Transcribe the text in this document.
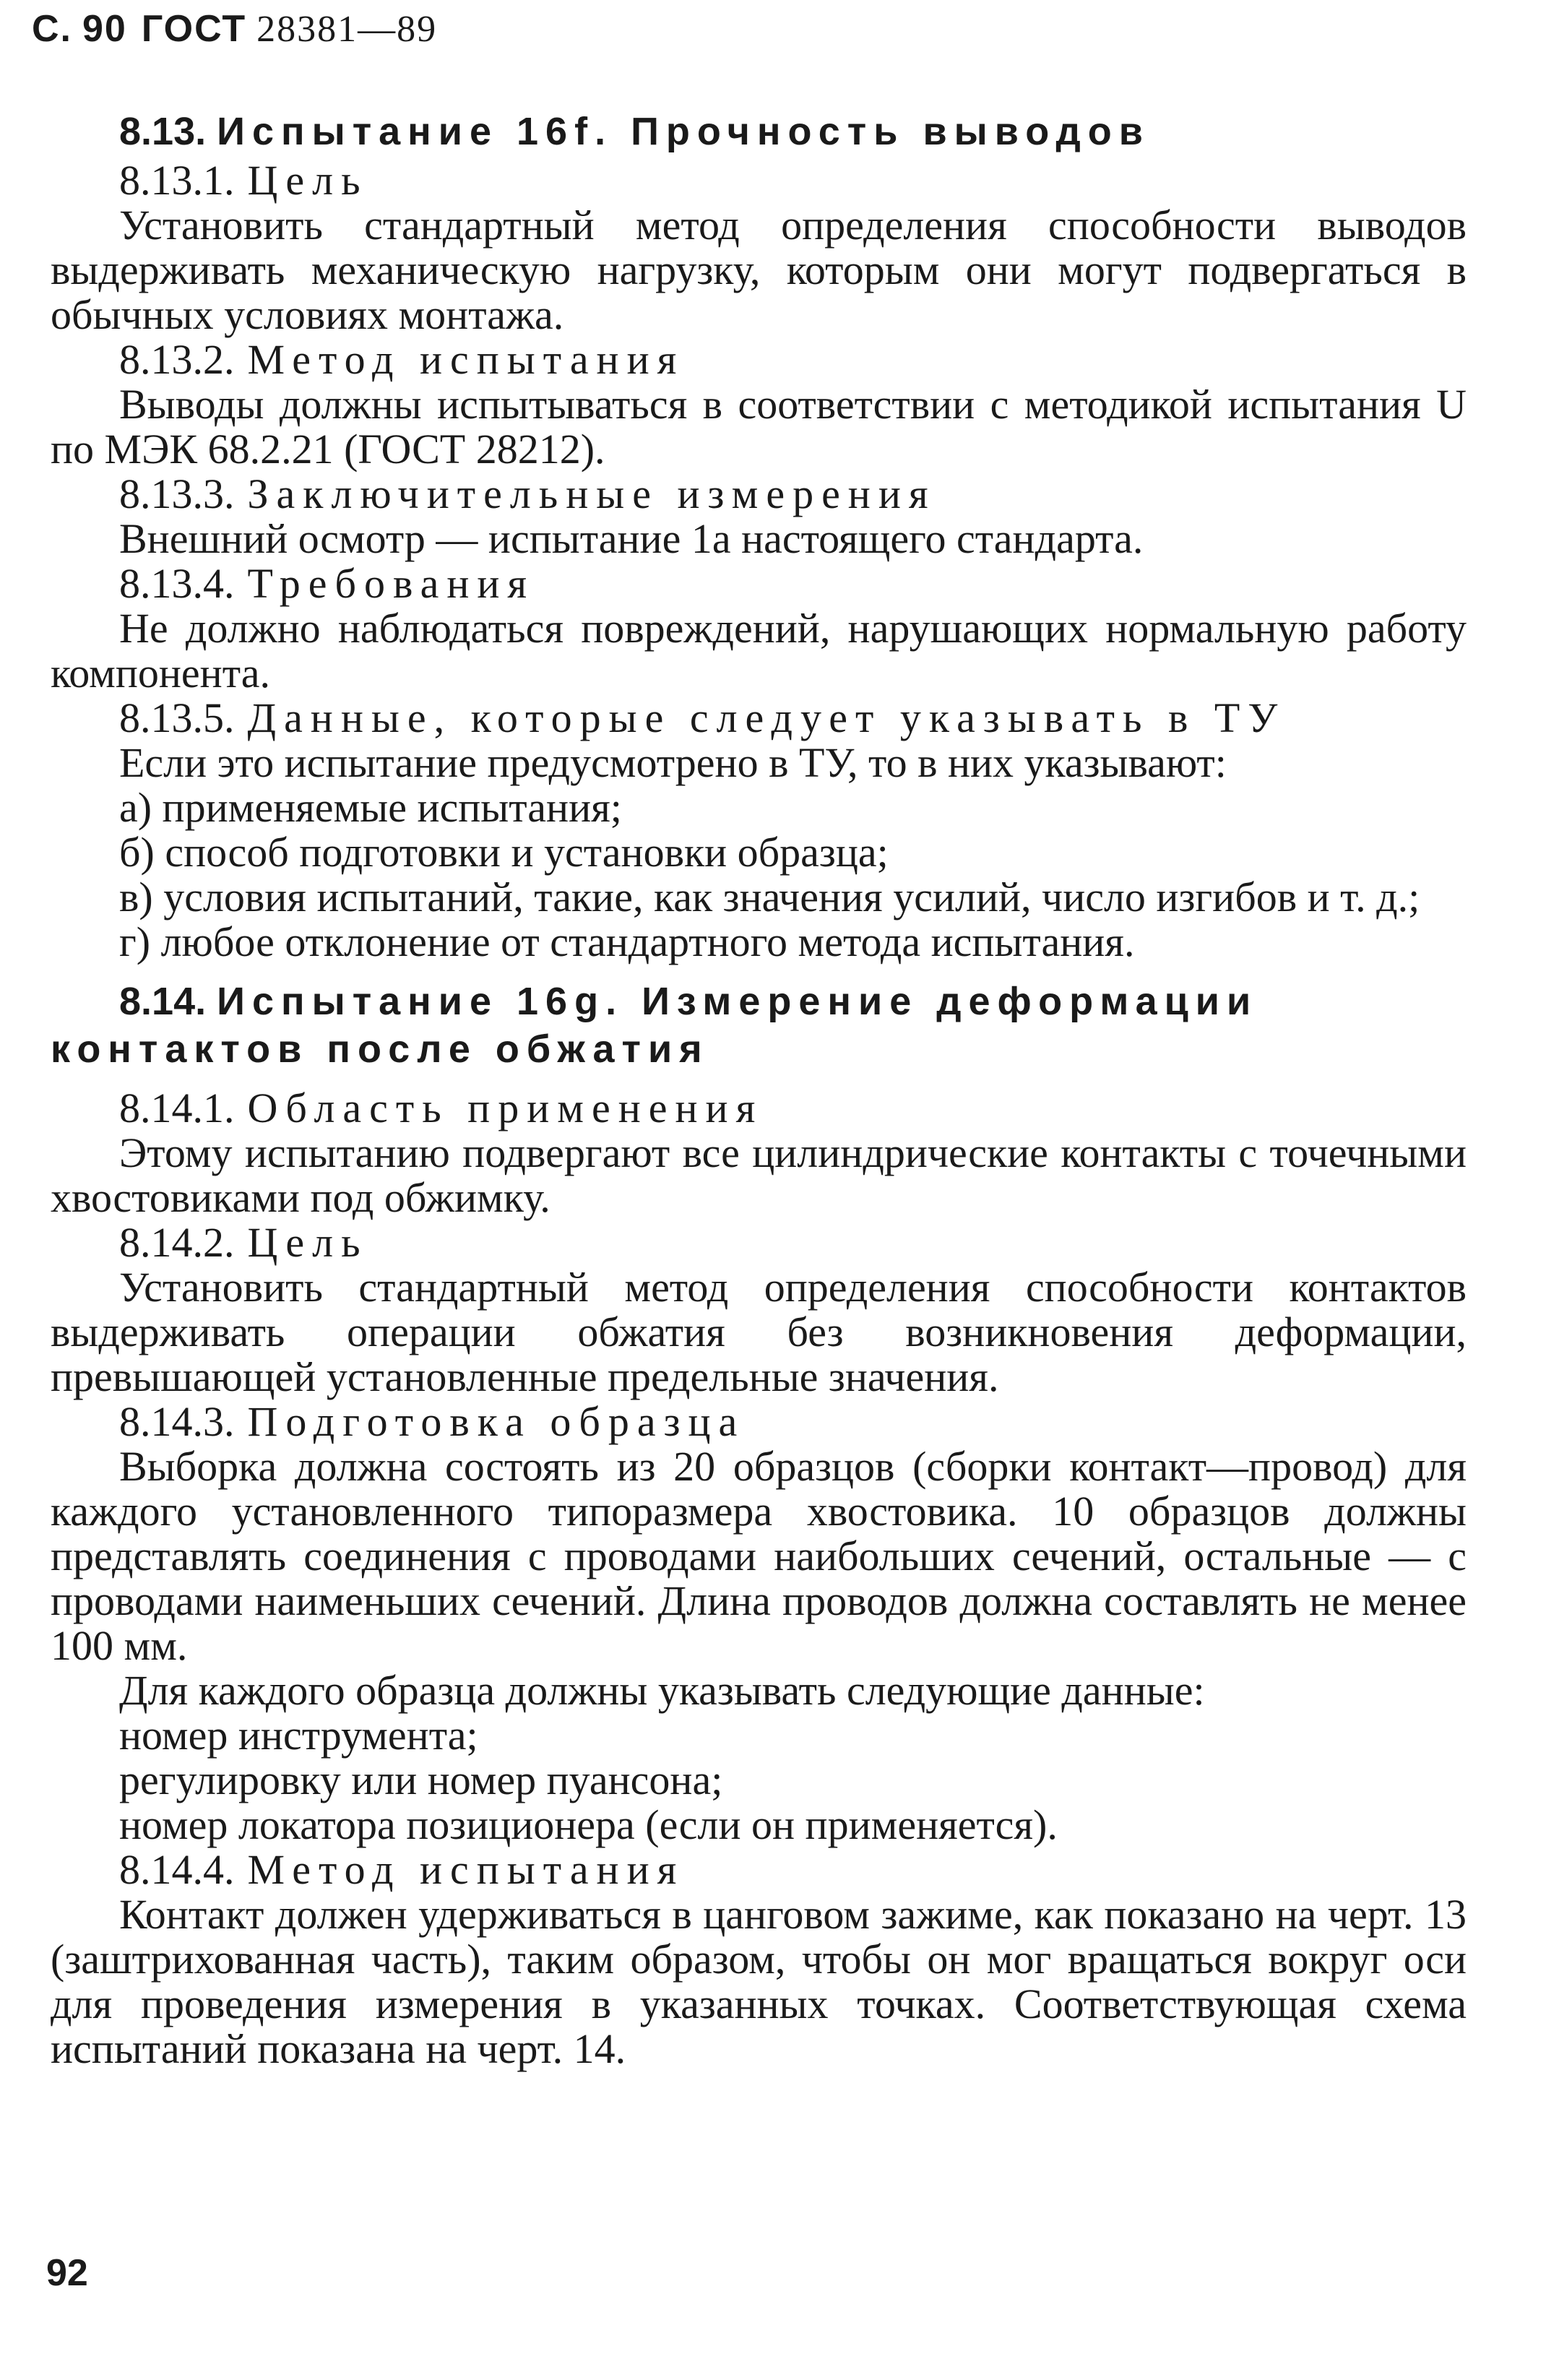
С. 90 ГОСТ 28381—89

8.13. Испытание 16f. Прочность выводов

8.13.1. Цель

Установить стандартный метод определения способности выводов выдерживать механическую нагрузку, которым они могут подвергаться в обычных условиях монтажа.

8.13.2. Метод испытания

Выводы должны испытываться в соответствии с методикой испытания U по МЭК 68.2.21 (ГОСТ 28212).

8.13.3. Заключительные измерения

Внешний осмотр — испытание 1a настоящего стандарта.

8.13.4. Требования

Не должно наблюдаться повреждений, нарушающих нормальную работу компонента.

8.13.5. Данные, которые следует указывать в ТУ

Если это испытание предусмотрено в ТУ, то в них указывают:

а) применяемые испытания;

б) способ подготовки и установки образца;

в) условия испытаний, такие, как значения усилий, число изгибов и т. д.;

г) любое отклонение от стандартного метода испытания.

8.14. Испытание 16g. Измерение деформации контактов после обжатия

8.14.1. Область применения

Этому испытанию подвергают все цилиндрические контакты с точечными хвостовиками под обжимку.

8.14.2. Цель

Установить стандартный метод определения способности контактов выдерживать операции обжатия без возникновения деформации, превышающей установленные предельные значения.

8.14.3. Подготовка образца

Выборка должна состоять из 20 образцов (сборки контакт—провод) для каждого установленного типоразмера хвостовика. 10 образцов должны представлять соединения с проводами наибольших сечений, остальные — с проводами наименьших сечений. Длина проводов должна составлять не менее 100 мм.

Для каждого образца должны указывать следующие данные:

номер инструмента;

регулировку или номер пуансона;

номер локатора позиционера (если он применяется).

8.14.4. Метод испытания

Контакт должен удерживаться в цанговом зажиме, как показано на черт. 13 (заштрихованная часть), таким образом, чтобы он мог вращаться вокруг оси для проведения измерения в указанных точках. Соответствующая схема испытаний показана на черт. 14.

92
